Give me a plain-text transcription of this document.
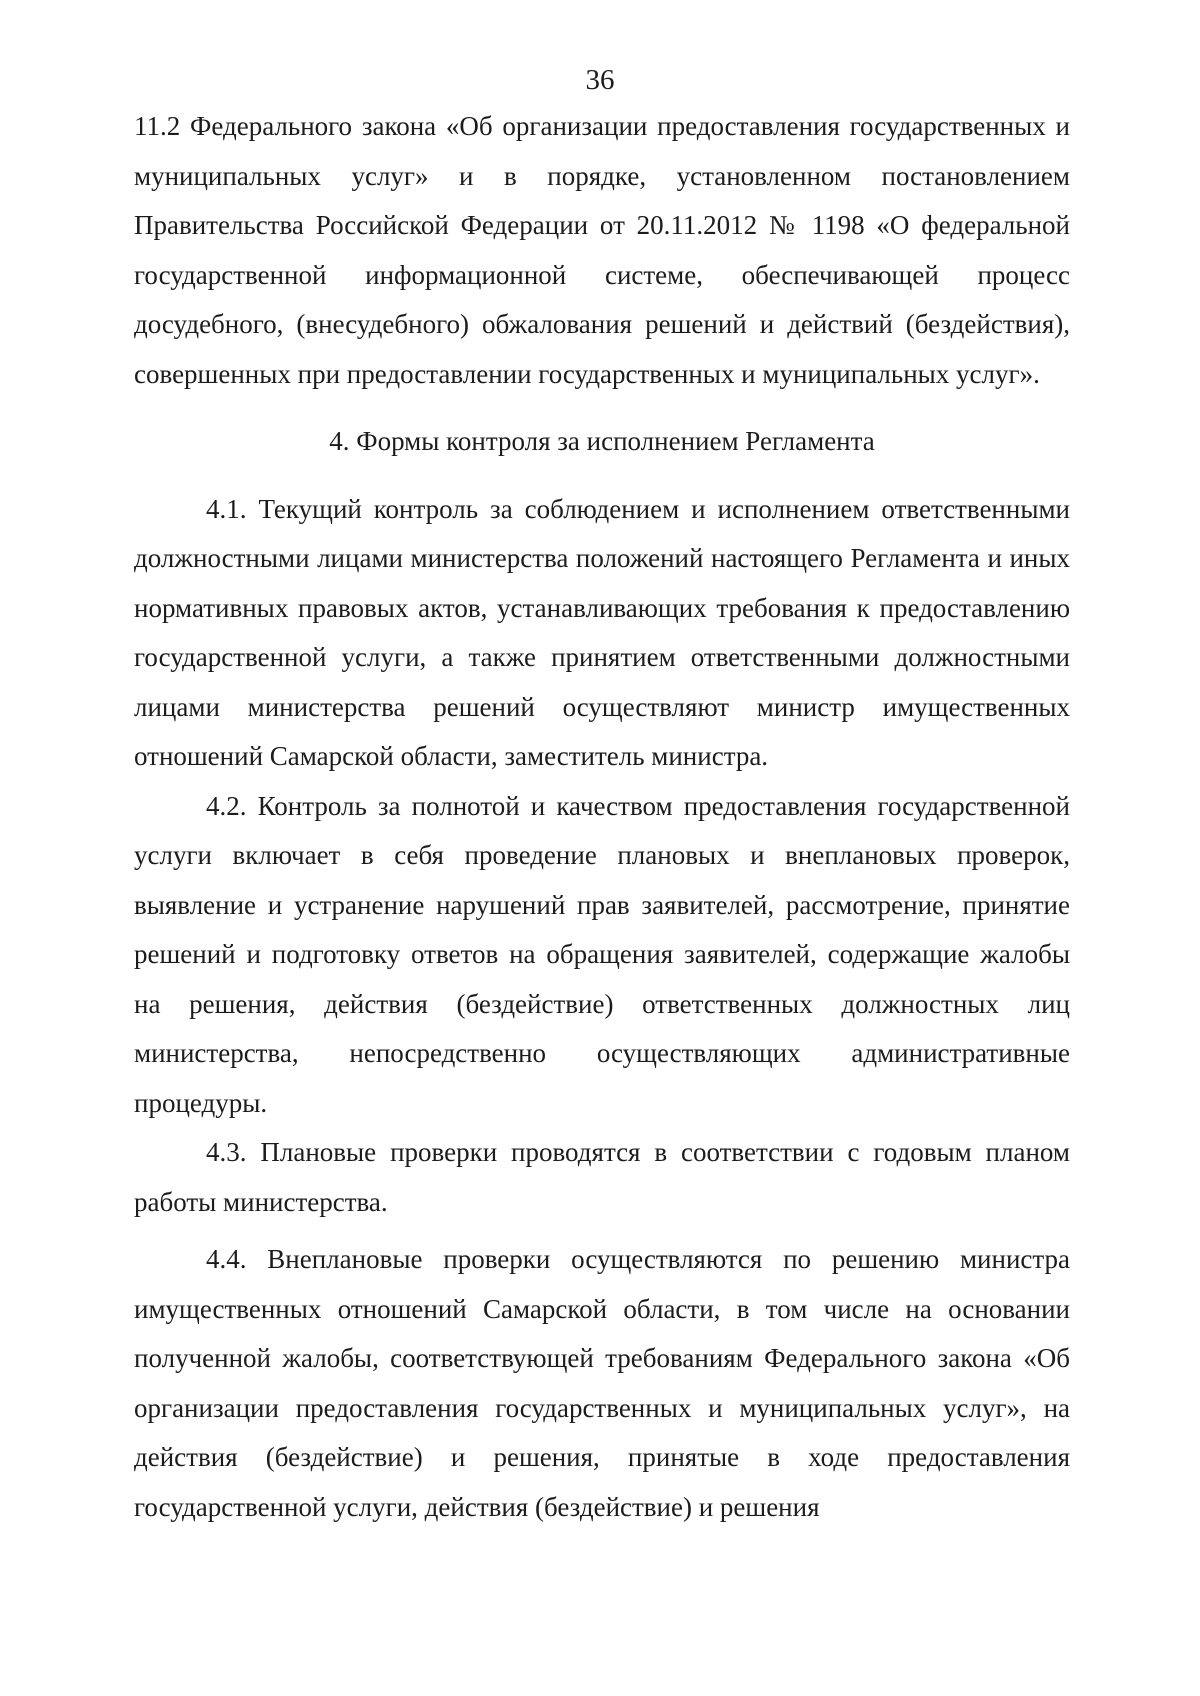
36

11.2 Федерального закона «Об организации предоставления государственных и муниципальных услуг» и в порядке, установленном постановлением Правительства Российской Федерации от 20.11.2012 № 1198 «О федеральной государственной информационной системе, обеспечивающей процесс досудебного, (внесудебного) обжалования решений и действий (бездействия), совершенных при предоставлении государственных и муниципальных услуг».

4. Формы контроля за исполнением Регламента

4.1. Текущий контроль за соблюдением и исполнением ответственными должностными лицами министерства положений настоящего Регламента и иных нормативных правовых актов, устанавливающих требования к предоставлению государственной услуги, а также принятием ответственными должностными лицами министерства решений осуществляют министр имущественных отношений Самарской области, заместитель министра.

4.2. Контроль за полнотой и качеством предоставления государственной услуги включает в себя проведение плановых и внеплановых проверок, выявление и устранение нарушений прав заявителей, рассмотрение, принятие решений и подготовку ответов на обращения заявителей, содержащие жалобы на решения, действия (бездействие) ответственных должностных лиц министерства, непосредственно осуществляющих административные процедуры.

4.3. Плановые проверки проводятся в соответствии с годовым планом работы министерства.

4.4. Внеплановые проверки осуществляются по решению министра имущественных отношений Самарской области, в том числе на основании полученной жалобы, соответствующей требованиям Федерального закона «Об организации предоставления государственных и муниципальных услуг», на действия (бездействие) и решения, принятые в ходе предоставления государственной услуги, действия (бездействие) и решения
